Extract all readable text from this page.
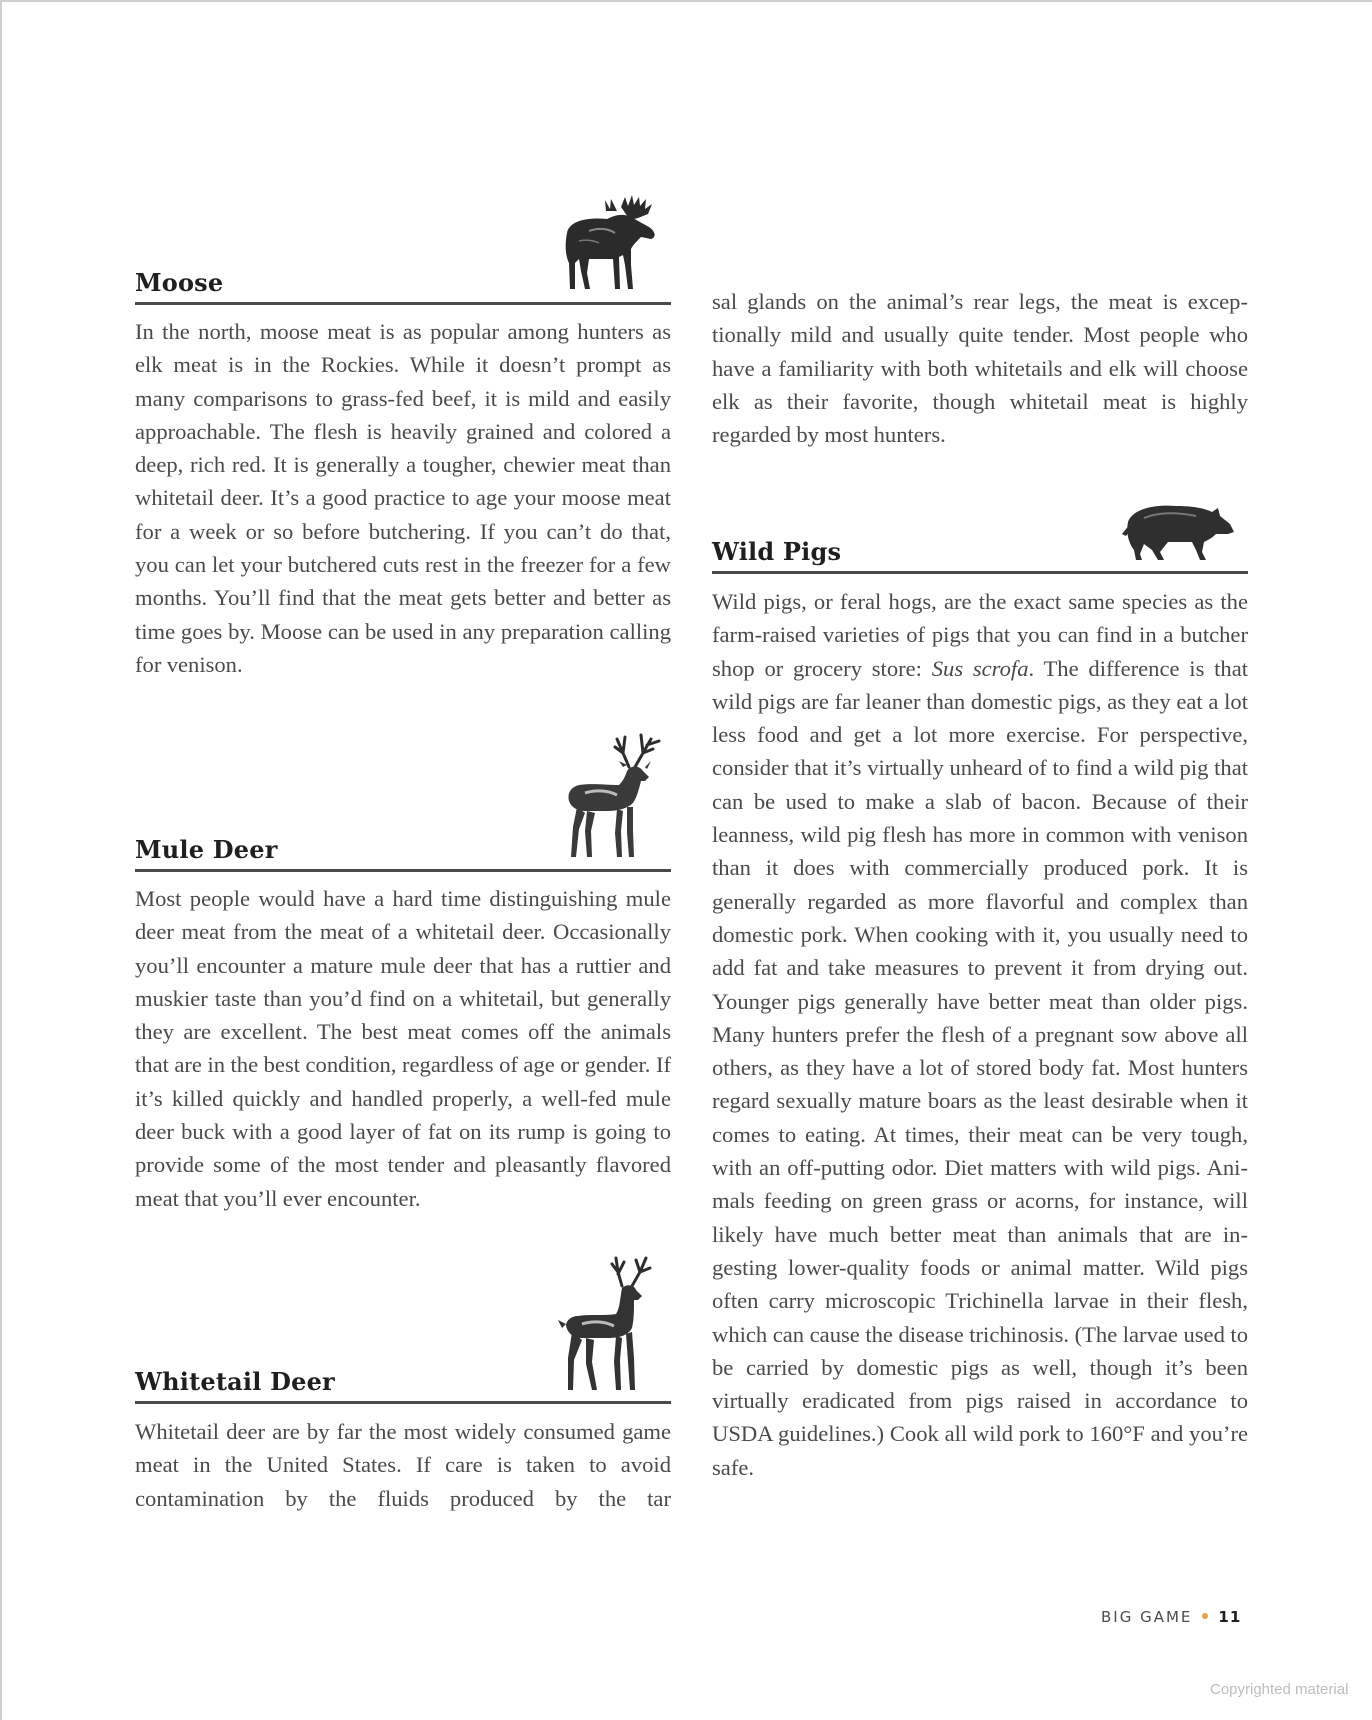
Moose

In the north, moose meat is as popular among hunters as elk meat is in the Rockies. While it doesn’t prompt as many comparisons to grass-fed beef, it is mild and easily approachable. The flesh is heavily grained and colored a deep, rich red. It is generally a tougher, chewier meat than whitetail deer. It’s a good practice to age your moose meat for a week or so before butchering. If you can’t do that, you can let your butchered cuts rest in the freezer for a few months. You’ll find that the meat gets better and better as time goes by. Moose can be used in any preparation calling for venison.

Mule Deer

Most people would have a hard time distinguishing mule deer meat from the meat of a whitetail deer. Occasionally you’ll encounter a mature mule deer that has a ruttier and muskier taste than you’d find on a whitetail, but generally they are excellent. The best meat comes off the animals that are in the best condition, regardless of age or gender. If it’s killed quickly and handled properly, a well-fed mule deer buck with a good layer of fat on its rump is going to provide some of the most tender and pleasantly flavored meat that you’ll ever encounter.

Whitetail Deer

Whitetail deer are by far the most widely consumed game meat in the United States. If care is taken to avoid contamination by the fluids produced by the tar

sal glands on the animal’s rear legs, the meat is exceptionally mild and usually quite tender. Most people who have a familiarity with both whitetails and elk will choose elk as their favorite, though whitetail meat is highly regarded by most hunters.

Wild Pigs

Wild pigs, or feral hogs, are the exact same species as the farm-raised varieties of pigs that you can find in a butcher shop or grocery store: Sus scrofa. The difference is that wild pigs are far leaner than domestic pigs, as they eat a lot less food and get a lot more exercise. For perspective, consider that it’s virtually unheard of to find a wild pig that can be used to make a slab of bacon. Because of their leanness, wild pig flesh has more in common with venison than it does with commercially produced pork. It is generally regarded as more flavorful and complex than domestic pork. When cooking with it, you usually need to add fat and take measures to prevent it from drying out. Younger pigs generally have better meat than older pigs. Many hunters prefer the flesh of a pregnant sow above all others, as they have a lot of stored body fat. Most hunters regard sexually mature boars as the least desirable when it comes to eating. At times, their meat can be very tough, with an off-putting odor. Diet matters with wild pigs. Animals feeding on green grass or acorns, for instance, will likely have much better meat than animals that are ingesting lower-quality foods or animal matter. Wild pigs often carry microscopic Trichinella larvae in their flesh, which can cause the disease trichinosis. (The larvae used to be carried by domestic pigs as well, though it’s been virtually eradicated from pigs raised in accordance to USDA guidelines.) Cook all wild pork to 160°F and you’re safe.

BIG GAME 11
Copyrighted material
